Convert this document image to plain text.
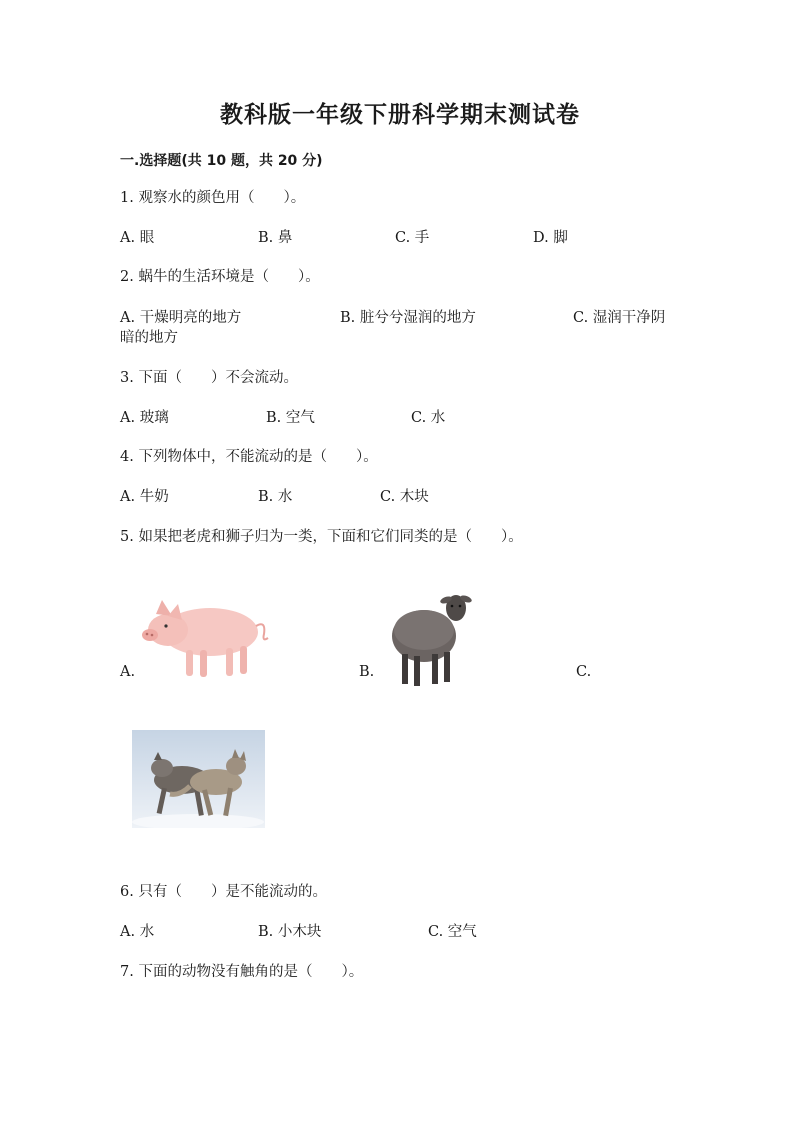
教科版一年级下册科学期末测试卷
一.选择题(共 10 题，共 20 分)
1. 观察水的颜色用（　　）。
A. 眼	B. 鼻	C. 手	D. 脚
2. 蜗牛的生活环境是（　　）。
A. 干燥明亮的地方	B. 脏兮兮湿润的地方	C. 湿润干净阴
暗的地方
3. 下面（　　）不会流动。
A. 玻璃	B. 空气	C. 水
4. 下列物体中，不能流动的是（　　）。
A. 牛奶	B. 水	C. 木块
5. 如果把老虎和狮子归为一类，下面和它们同类的是（　　）。
A.	B.	C.
6. 只有（　　）是不能流动的。
A. 水	B. 小木块	C. 空气
7. 下面的动物没有触角的是（　　）。
